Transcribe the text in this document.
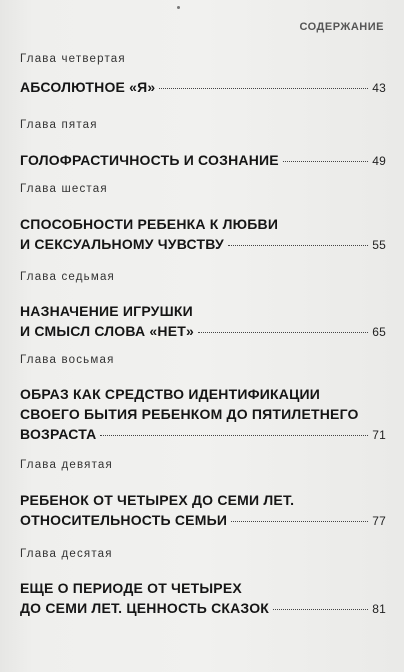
СОДЕРЖАНИЕ
Глава четвертая
АБСОЛЮТНОЕ «Я»	43
Глава пятая
ГОЛОФРАСТИЧНОСТЬ И СОЗНАНИЕ	49
Глава шестая
СПОСОБНОСТИ РЕБЕНКА К ЛЮБВИ
И СЕКСУАЛЬНОМУ ЧУВСТВУ	55
Глава седьмая
НАЗНАЧЕНИЕ ИГРУШКИ
И СМЫСЛ СЛОВА «НЕТ»	65
Глава восьмая
ОБРАЗ КАК СРЕДСТВО ИДЕНТИФИКАЦИИ
СВОЕГО БЫТИЯ РЕБЕНКОМ ДО ПЯТИЛЕТНЕГО
ВОЗРАСТА	71
Глава девятая
РЕБЕНОК ОТ ЧЕТЫРЕХ ДО СЕМИ ЛЕТ.
ОТНОСИТЕЛЬНОСТЬ СЕМЬИ	77
Глава десятая
ЕЩЕ О ПЕРИОДЕ ОТ ЧЕТЫРЕХ
ДО СЕМИ ЛЕТ. ЦЕННОСТЬ СКАЗОК	81
